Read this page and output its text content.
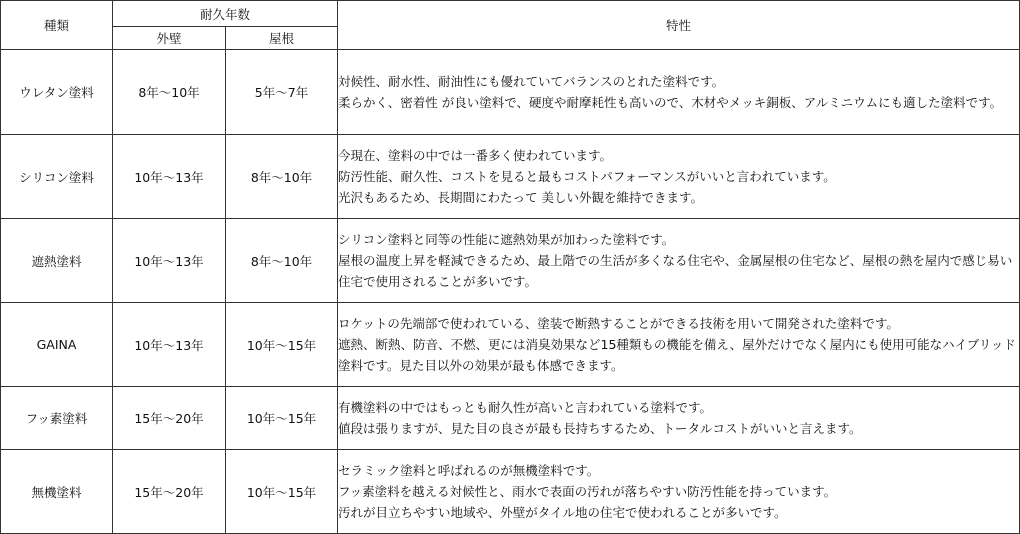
種類	耐久年数		特性
	外壁	屋根	
ウレタン塗料	8年～10年	5年～7年	対候性、耐水性、耐油性にも優れていてバランスのとれた塗料です。
柔らかく、密着性 が良い塗料で、硬度や耐摩耗性も高いので、木材やメッキ銅板、アルミニウムにも適した塗料です。

シリコン塗料	10年～13年	8年～10年	今現在、塗料の中では一番多く使われています。
防汚性能、耐久性、コストを見ると最もコストパフォーマンスがいいと言われています。
光沢もあるため、長期間にわたって 美しい外観を維持できます。

遮熱塗料	10年～13年	8年～10年	シリコン塗料と同等の性能に遮熱効果が加わった塗料です。
屋根の温度上昇を軽減できるため、最上階での生活が多くなる住宅や、金属屋根の住宅など、屋根の熱を屋内で感じ易い住宅で使用されることが多いです。

GAINA	10年～13年	10年～15年	ロケットの先端部で使われている、塗装で断熱することができる技術を用いて開発された塗料です。
遮熱、断熱、防音、不燃、更には消臭効果など15種類もの機能を備え、屋外だけでなく屋内にも使用可能なハイブリッド塗料です。見た目以外の効果が最も体感できます。

フッ素塗料	15年～20年	10年～15年	有機塗料の中ではもっとも耐久性が高いと言われている塗料です。
値段は張りますが、見た目の良さが最も長持ちするため、トータルコストがいいと言えます。

無機塗料	15年～20年	10年～15年	セラミック塗料と呼ばれるのが無機塗料です。
フッ素塗料を越える対候性と、雨水で表面の汚れが落ちやすい防汚性能を持っています。
汚れが目立ちやすい地域や、外壁がタイル地の住宅で使われることが多いです。
